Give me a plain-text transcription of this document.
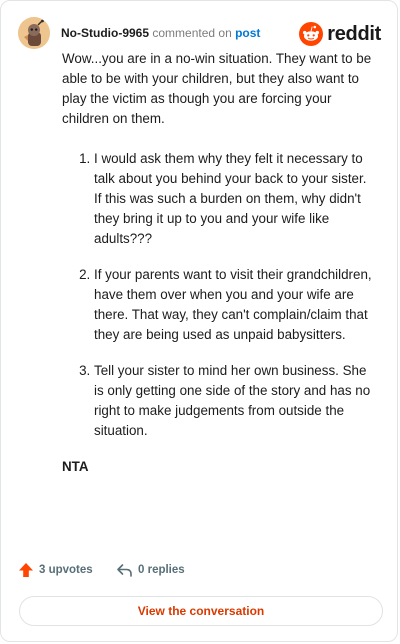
No-Studio-9965 commented on post	reddit

Wow...you are in a no-win situation. They want to be able to be with your children, but they also want to play the victim as though you are forcing your children on them.

1. I would ask them why they felt it necessary to talk about you behind your back to your sister. If this was such a burden on them, why didn't they bring it up to you and your wife like adults???
2. If your parents want to visit their grandchildren, have them over when you and your wife are there. That way, they can't complain/claim that they are being used as unpaid babysitters.
3. Tell your sister to mind her own business. She is only getting one side of the story and has no right to make judgements from outside the situation.

NTA

3 upvotes	0 replies
View the conversation
